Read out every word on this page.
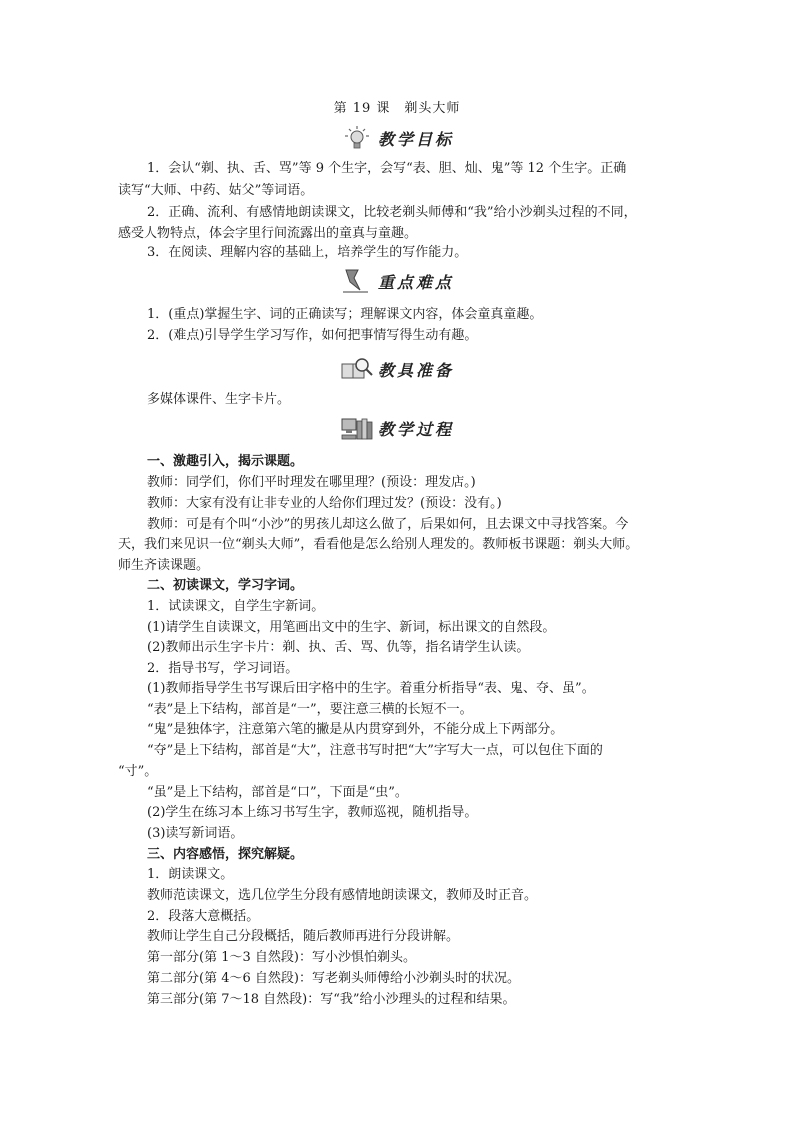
第 19 课　剃头大师
教学目标
1．会认“剃、执、舌、骂”等 9 个生字，会写“表、胆、灿、鬼”等 12 个生字。正确
读写“大师、中药、姑父”等词语。
2．正确、流利、有感情地朗读课文，比较老剃头师傅和“我”给小沙剃头过程的不同，
感受人物特点，体会字里行间流露出的童真与童趣。
3．在阅读、理解内容的基础上，培养学生的写作能力。
重点难点
1．(重点)掌握生字、词的正确读写；理解课文内容，体会童真童趣。
2．(难点)引导学生学习写作，如何把事情写得生动有趣。
教具准备
多媒体课件、生字卡片。
教学过程
一、激趣引入，揭示课题。
教师：同学们，你们平时理发在哪里理？(预设：理发店。)
教师：大家有没有让非专业的人给你们理过发？(预设：没有。)
教师：可是有个叫“小沙”的男孩儿却这么做了，后果如何，且去课文中寻找答案。今
天，我们来见识一位“剃头大师”，看看他是怎么给别人理发的。教师板书课题：剃头大师。
师生齐读课题。
二、初读课文，学习字词。
1．试读课文，自学生字新词。
(1)请学生自读课文，用笔画出文中的生字、新词，标出课文的自然段。
(2)教师出示生字卡片：剃、执、舌、骂、仇等，指名请学生认读。
2．指导书写，学习词语。
(1)教师指导学生书写课后田字格中的生字。着重分析指导“表、鬼、夺、虽”。
“表”是上下结构，部首是“一”，要注意三横的长短不一。
“鬼”是独体字，注意第六笔的撇是从内贯穿到外，不能分成上下两部分。
“夺”是上下结构，部首是“大”，注意书写时把“大”字写大一点，可以包住下面的
“寸”。
“虽”是上下结构，部首是“口”，下面是“虫”。
(2)学生在练习本上练习书写生字，教师巡视，随机指导。
(3)读写新词语。
三、内容感悟，探究解疑。
1．朗读课文。
教师范读课文，选几位学生分段有感情地朗读课文，教师及时正音。
2．段落大意概括。
教师让学生自己分段概括，随后教师再进行分段讲解。
第一部分(第 1～3 自然段)：写小沙惧怕剃头。
第二部分(第 4～6 自然段)：写老剃头师傅给小沙剃头时的状况。
第三部分(第 7～18 自然段)：写“我”给小沙理头的过程和结果。
